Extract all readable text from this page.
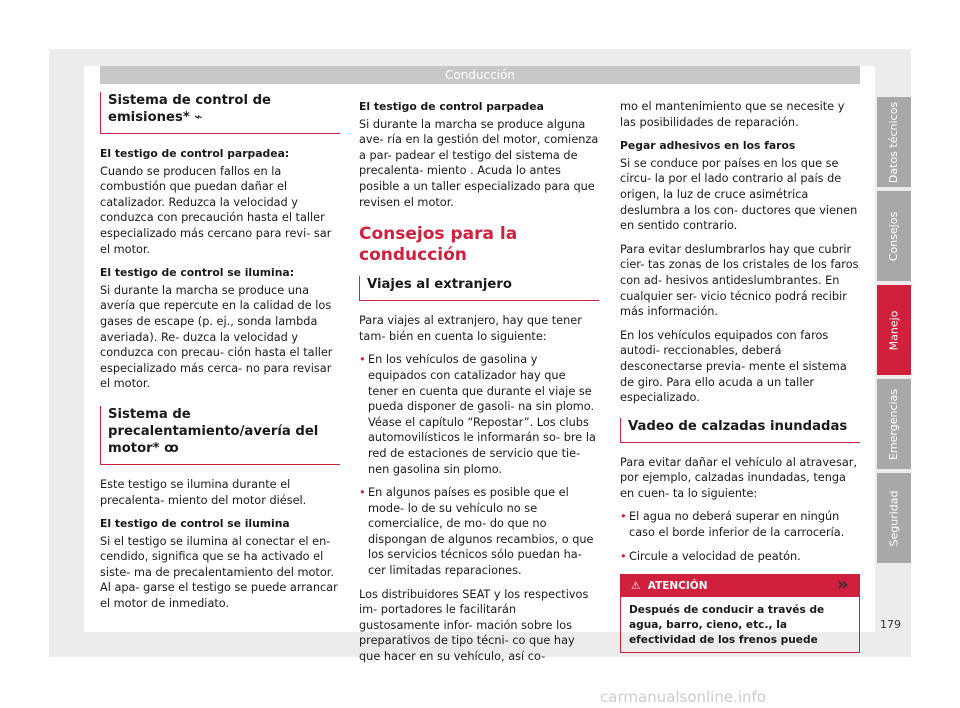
Conducción
Sistema de control de emisiones* ⌁

El testigo de control parpadea:

Cuando se producen fallos en la combustión que puedan dañar el catalizador. Reduzca la velocidad y conduzca con precaución hasta el taller especializado más cercano para revi- sar el motor.

El testigo de control se ilumina:

Si durante la marcha se produce una avería que repercute en la calidad de los gases de escape (p. ej., sonda lambda averiada). Re- duzca la velocidad y conduzca con precau- ción hasta el taller especializado más cerca- no para revisar el motor.

Sistema de precalentamiento/avería del motor* ꝏ

Este testigo se ilumina durante el precalenta- miento del motor diésel.

El testigo de control se ilumina

Si el testigo se ilumina al conectar el en- cendido, significa que se ha activado el siste- ma de precalentamiento del motor. Al apa- garse el testigo se puede arrancar el motor de inmediato.

El testigo de control parpadea

Si durante la marcha se produce alguna ave- ría en la gestión del motor, comienza a par- padear el testigo del sistema de precalenta- miento . Acuda lo antes posible a un taller especializado para que revisen el motor.

Consejos para la conducción
Viajes al extranjero

Para viajes al extranjero, hay que tener tam- bién en cuenta lo siguiente:

• En los vehículos de gasolina y equipados con catalizador hay que tener en cuenta que durante el viaje se pueda disponer de gasoli- na sin plomo. Véase el capítulo “Repostar”. Los clubs automovilísticos le informarán so- bre la red de estaciones de servicio que tie- nen gasolina sin plomo.

• En algunos países es posible que el mode- lo de su vehículo no se comercialice, de mo- do que no dispongan de algunos recambios, o que los servicios técnicos sólo puedan ha- cer limitadas reparaciones.

Los distribuidores SEAT y los respectivos im- portadores le facilitarán gustosamente infor- mación sobre los preparativos de tipo técni- co que hay que hacer en su vehículo, así co-

mo el mantenimiento que se necesite y las posibilidades de reparación.

Pegar adhesivos en los faros

Si se conduce por países en los que se circu- la por el lado contrario al país de origen, la luz de cruce asimétrica deslumbra a los con- ductores que vienen en sentido contrario.

Para evitar deslumbrarlos hay que cubrir cier- tas zonas de los cristales de los faros con ad- hesivos antideslumbrantes. En cualquier ser- vicio técnico podrá recibir más información.

En los vehículos equipados con faros autodi- reccionables, deberá desconectarse previa- mente el sistema de giro. Para ello acuda a un taller especializado.

Vadeo de calzadas inundadas

Para evitar dañar el vehículo al atravesar, por ejemplo, calzadas inundadas, tenga en cuen- ta lo siguiente:

• El agua no deberá superar en ningún caso el borde inferior de la carrocería.

• Circule a velocidad de peatón.

⚠ ATENCIÓN
Después de conducir a través de agua, barro, cieno, etc., la efectividad de los frenos puede
»
Datos técnicos
Consejos
Manejo
Emergencias
Seguridad
179
carmanualsonline.info
